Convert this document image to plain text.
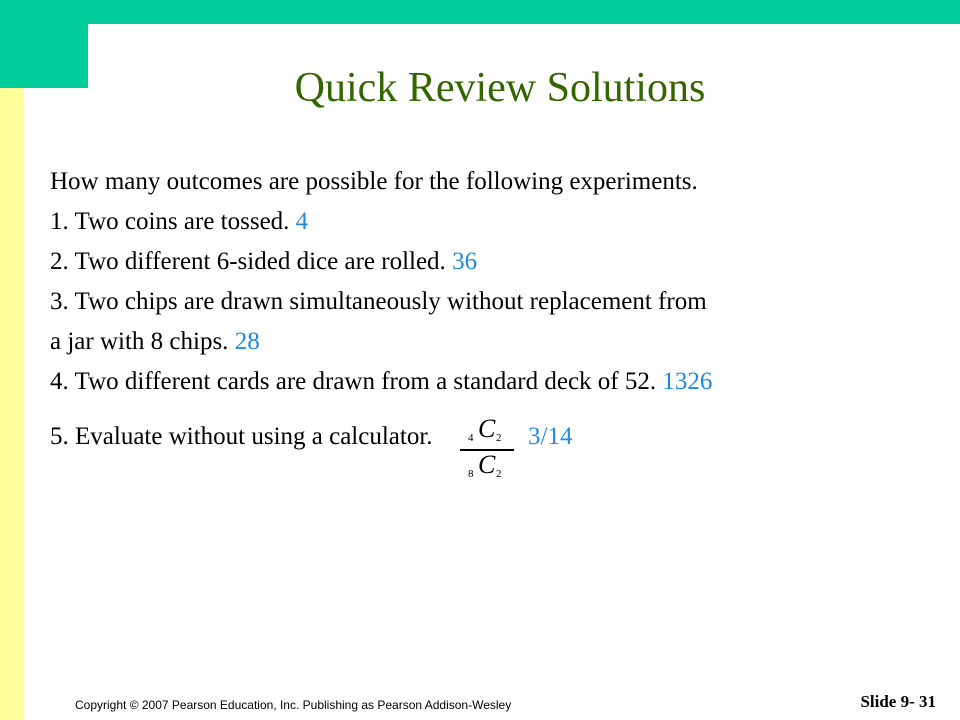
Quick Review Solutions
How many outcomes are possible for the following experiments.
1. Two coins are tossed. 4
2. Two different 6-sided dice are rolled. 36
3. Two chips are drawn simultaneously without replacement from
a jar with 8 chips. 28
4. Two different cards are drawn from a standard deck of 52. 1326
5. Evaluate without using a calculator.	4 C 2
8 C 2
3/14
Copyright © 2007 Pearson Education, Inc. Publishing as Pearson Addison-Wesley	Slide 9- 31
